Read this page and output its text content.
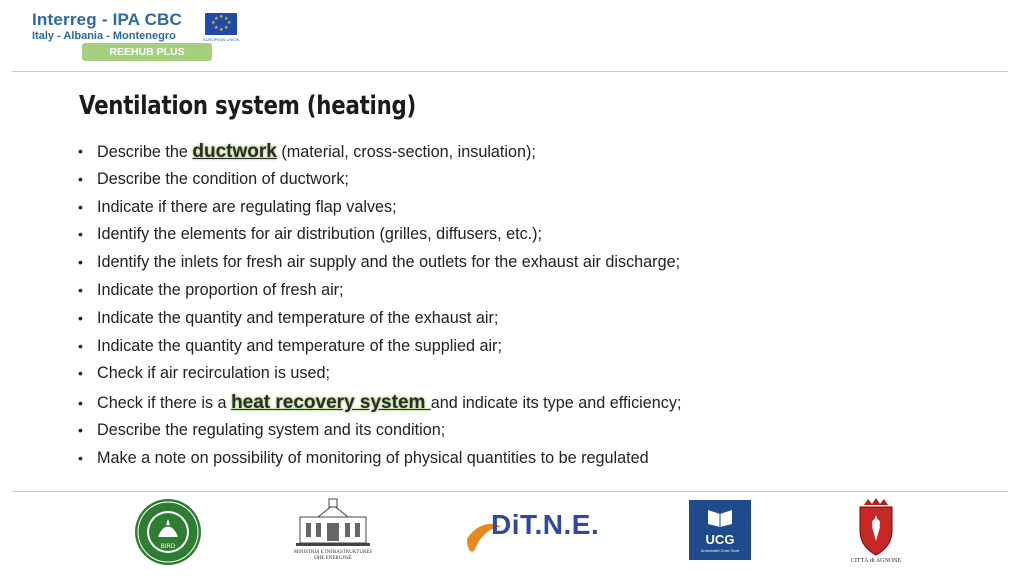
Interreg - IPA CBC
Italy - Albania - Montenegro
★ ★
★
★
★
★
★
★
EUROPEAN UNION
REEHUB PLUS
Ventilation system (heating)
• Describe the ductwork (material, cross-section, insulation);
• Describe the condition of ductwork;
• Indicate if there are regulating flap valves;
• Identify the elements for air distribution (grilles, diffusers, etc.);
• Identify the inlets for fresh air supply and the outlets for the exhaust air discharge;
• Indicate the proportion of fresh air;
• Indicate the quantity and temperature of the exhaust air;
• Indicate the quantity and temperature of the supplied air;
• Check if air recirculation is used;
• Check if there is a heat recovery system and indicate its type and efficiency;
• Describe the regulating system and its condition;
• Make a note on possibility of monitoring of physical quantities to be regulated
BIRD
MINISTRIA E INFRASTRUKTURËS
DHE ENERGJISË
DiT.N.E.	UCG
Univerzitet Crne Gore
CITTÀ di AGNONE
